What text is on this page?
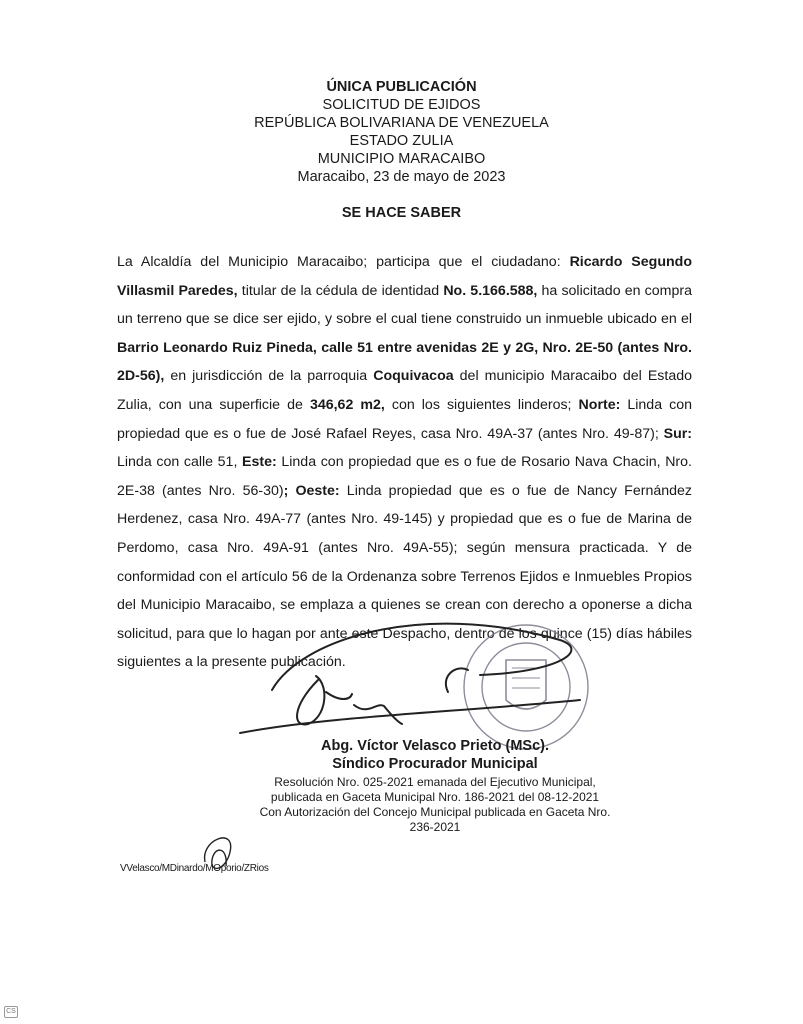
ÚNICA PUBLICACIÓN
SOLICITUD DE EJIDOS
REPÚBLICA BOLIVARIANA DE VENEZUELA
ESTADO ZULIA
MUNICIPIO MARACAIBO
Maracaibo, 23 de mayo de 2023
SE HACE SABER
La Alcaldía del Municipio Maracaibo; participa que el ciudadano: Ricardo Segundo Villasmil Paredes, titular de la cédula de identidad No. 5.166.588, ha solicitado en compra un terreno que se dice ser ejido, y sobre el cual tiene construido un inmueble ubicado en el Barrio Leonardo Ruiz Pineda, calle 51 entre avenidas 2E y 2G, Nro. 2E-50 (antes Nro. 2D-56), en jurisdicción de la parroquia Coquivacoa del municipio Maracaibo del Estado Zulia, con una superficie de 346,62 m2, con los siguientes linderos; Norte: Linda con propiedad que es o fue de José Rafael Reyes, casa Nro. 49A-37 (antes Nro. 49-87); Sur: Linda con calle 51, Este: Linda con propiedad que es o fue de Rosario Nava Chacin, Nro. 2E-38 (antes Nro. 56-30); Oeste: Linda propiedad que es o fue de Nancy Fernández Herdenez, casa Nro. 49A-77 (antes Nro. 49-145) y propiedad que es o fue de Marina de Perdomo, casa Nro. 49A-91 (antes Nro. 49A-55); según mensura practicada. Y de conformidad con el artículo 56 de la Ordenanza sobre Terrenos Ejidos e Inmuebles Propios del Municipio Maracaibo, se emplaza a quienes se crean con derecho a oponerse a dicha solicitud, para que lo hagan por ante este Despacho, dentro de los quince (15) días hábiles siguientes a la presente publicación.
Abg. Víctor Velasco Prieto (MSc).
Síndico Procurador Municipal
Resolución Nro. 025-2021 emanada del Ejecutivo Municipal,
publicada en Gaceta Municipal Nro. 186-2021 del 08-12-2021
Con Autorización del Concejo Municipal publicada en Gaceta Nro.
236-2021
VVelasco/MDinardo/MOporio/ZRios
CS
